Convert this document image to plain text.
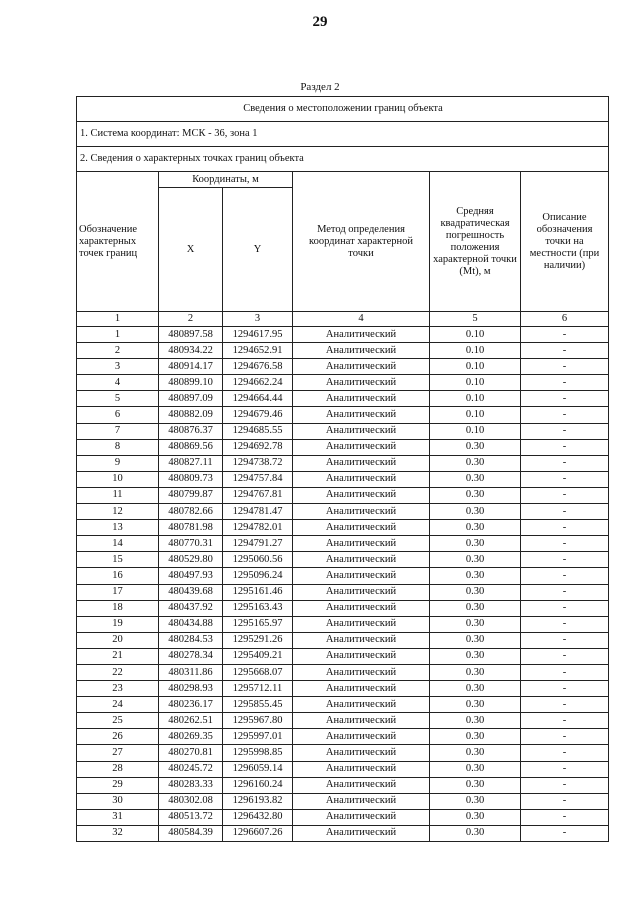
29
Раздел 2
Сведения о местоположении границ объекта					
1. Система координат: МСК - 36, зона 1					
2. Сведения о характерных точках границ объекта					
Обозначение характерных точек границ	Координаты, м		Метод определения координат характерной точки	Средняя квадратическая погрешность положения характерной точки (Mt), м	Описание обозначения точки на местности (при наличии)
	X	Y			
1	2	3	4	5	6
1	480897.58	1294617.95	Аналитический	0.10	-
2	480934.22	1294652.91	Аналитический	0.10	-
3	480914.17	1294676.58	Аналитический	0.10	-
4	480899.10	1294662.24	Аналитический	0.10	-
5	480897.09	1294664.44	Аналитический	0.10	-
6	480882.09	1294679.46	Аналитический	0.10	-
7	480876.37	1294685.55	Аналитический	0.10	-
8	480869.56	1294692.78	Аналитический	0.30	-
9	480827.11	1294738.72	Аналитический	0.30	-
10	480809.73	1294757.84	Аналитический	0.30	-
11	480799.87	1294767.81	Аналитический	0.30	-
12	480782.66	1294781.47	Аналитический	0.30	-
13	480781.98	1294782.01	Аналитический	0.30	-
14	480770.31	1294791.27	Аналитический	0.30	-
15	480529.80	1295060.56	Аналитический	0.30	-
16	480497.93	1295096.24	Аналитический	0.30	-
17	480439.68	1295161.46	Аналитический	0.30	-
18	480437.92	1295163.43	Аналитический	0.30	-
19	480434.88	1295165.97	Аналитический	0.30	-
20	480284.53	1295291.26	Аналитический	0.30	-
21	480278.34	1295409.21	Аналитический	0.30	-
22	480311.86	1295668.07	Аналитический	0.30	-
23	480298.93	1295712.11	Аналитический	0.30	-
24	480236.17	1295855.45	Аналитический	0.30	-
25	480262.51	1295967.80	Аналитический	0.30	-
26	480269.35	1295997.01	Аналитический	0.30	-
27	480270.81	1295998.85	Аналитический	0.30	-
28	480245.72	1296059.14	Аналитический	0.30	-
29	480283.33	1296160.24	Аналитический	0.30	-
30	480302.08	1296193.82	Аналитический	0.30	-
31	480513.72	1296432.80	Аналитический	0.30	-
32	480584.39	1296607.26	Аналитический	0.30	-
